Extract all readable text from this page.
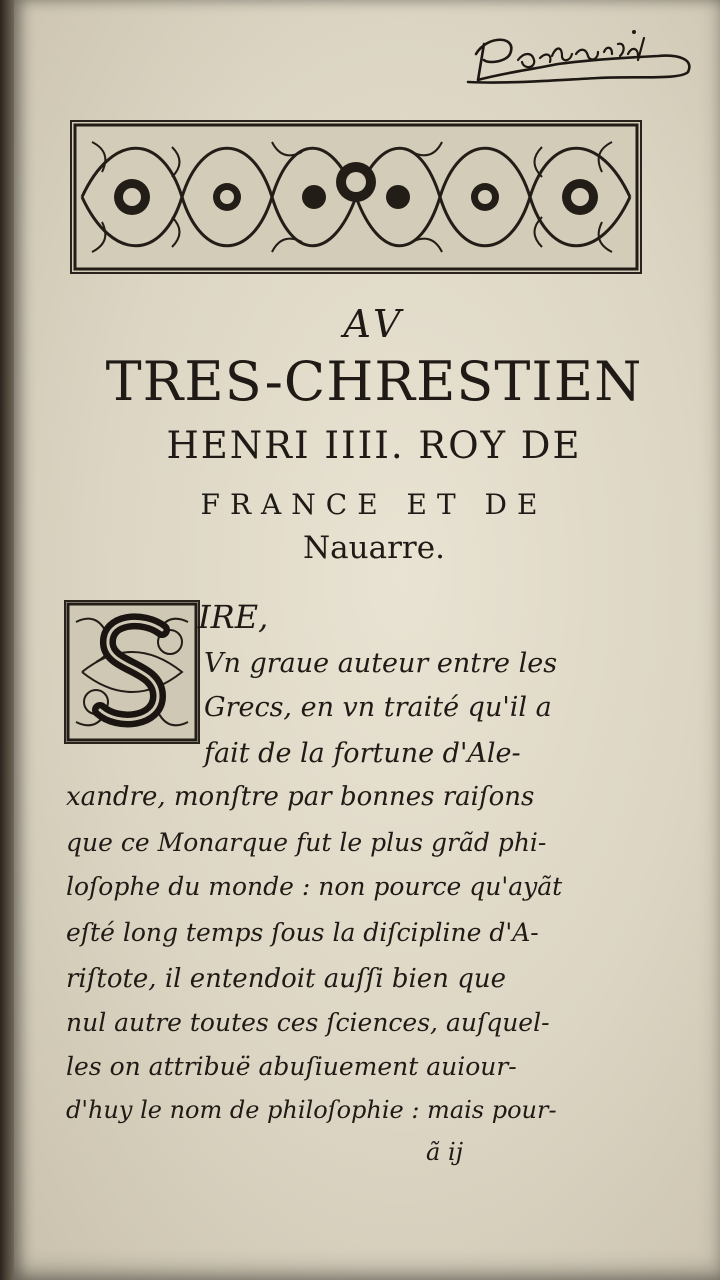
AV

TRES-CHRESTIEN

HENRI IIII. ROY DE

FRANCE ET DE

Nauarre.

IRE,
Vn graue auteur entre les
Grecs, en vn traité qu'il a
fait de la fortune d'Ale-
xandre, monſtre par bonnes raiſons
que ce Monarque fut le plus grãd phi-
loſophe du monde : non pource qu'ayãt
eſté long temps ſous la diſcipline d'A-
riſtote, il entendoit auſſi bien que
nul autre toutes ces ſciences, auſquel-
les on attribuë abuſiuement auiour-
d'huy le nom de philoſophie : mais pour-
ã ij
